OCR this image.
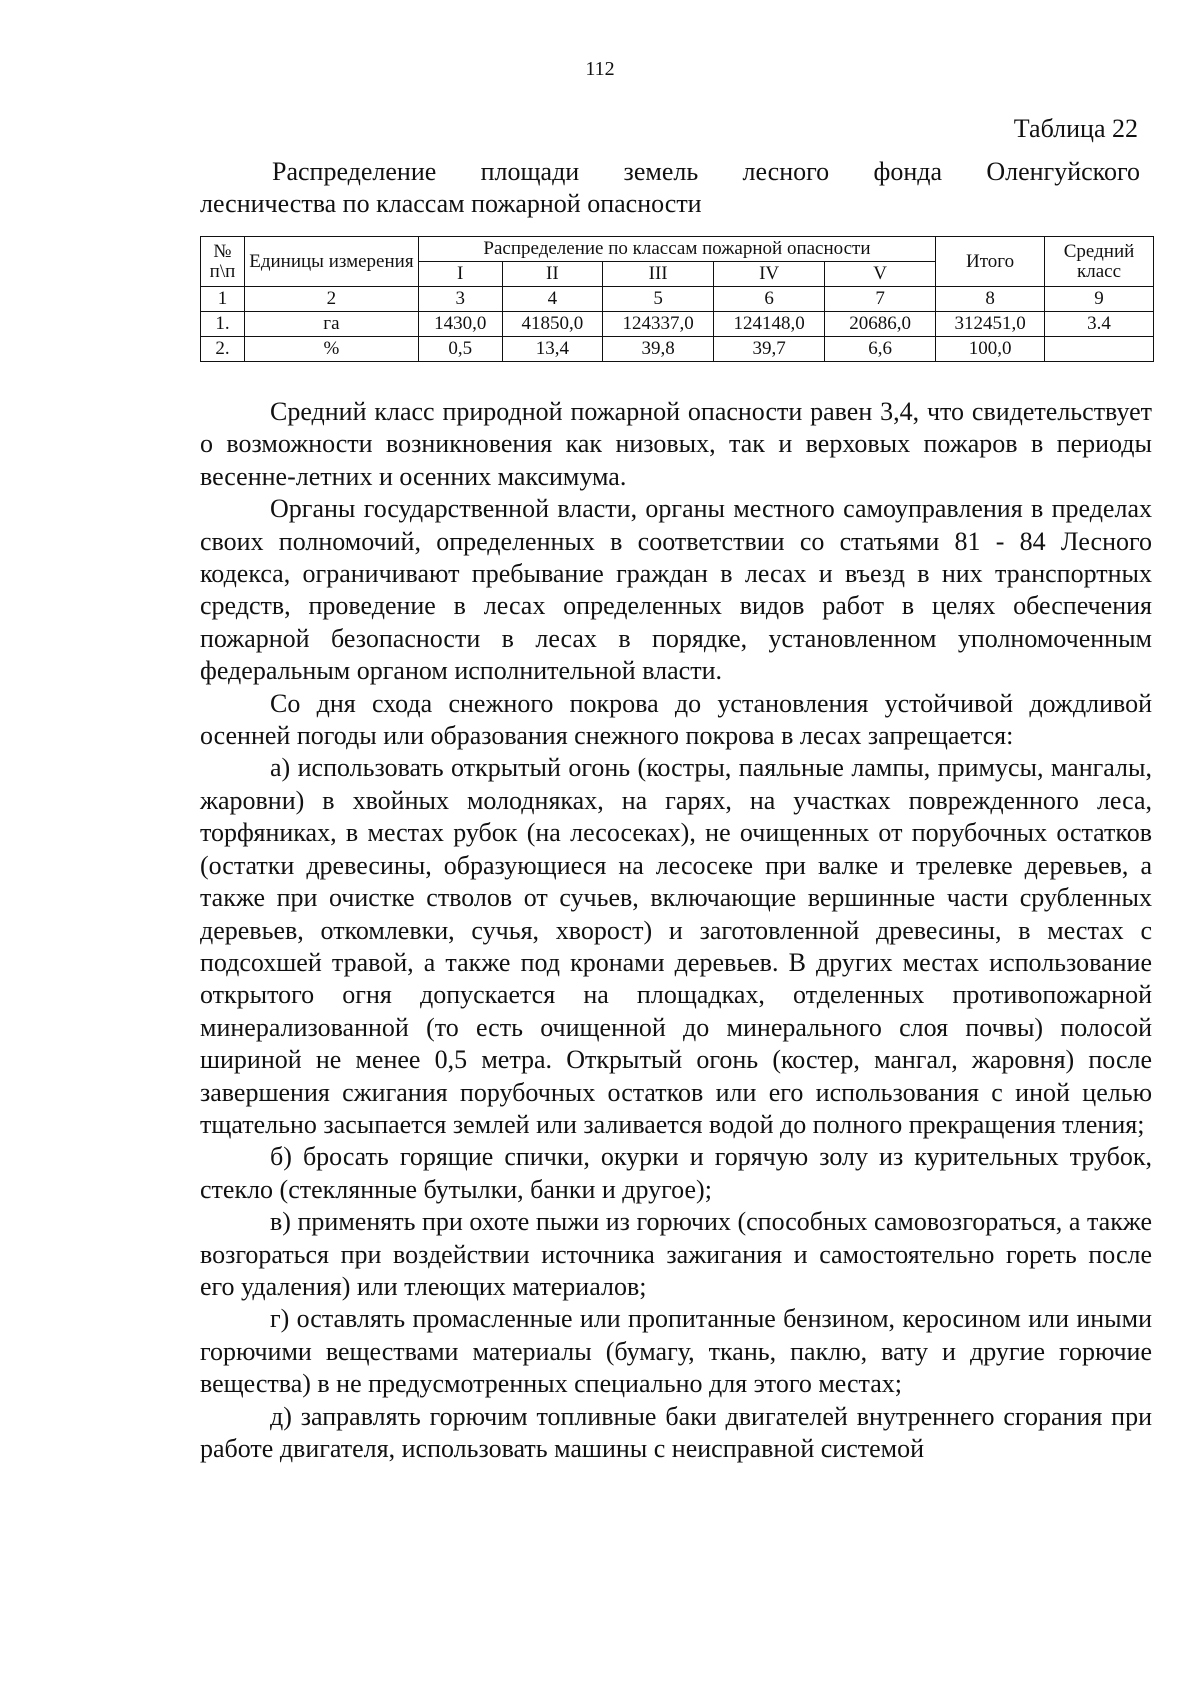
112
Таблица 22
Распределение площади земель лесного фонда Оленгуйского
лесничества по классам пожарной опасности
№ п\п	Единицы измерения	Распределение по классам пожарной опасности					Итого	Средний класс
		I	II	III	IV	V		
1	2	3	4	5	6	7	8	9
1.	га	1430,0	41850,0	124337,0	124148,0	20686,0	312451,0	3.4
2.	%	0,5	13,4	39,8	39,7	6,6	100,0	

Средний класс природной пожарной опасности равен 3,4, что свидетельствует о возможности возникновения как низовых, так и верховых пожаров в периоды весенне-летних и осенних максимума.

Органы государственной власти, органы местного самоуправления в пределах своих полномочий, определенных в соответствии со статьями 81 - 84 Лесного кодекса, ограничивают пребывание граждан в лесах и въезд в них транспортных средств, проведение в лесах определенных видов работ в целях обеспечения пожарной безопасности в лесах в порядке, установленном уполномоченным федеральным органом исполнительной власти.

Со дня схода снежного покрова до установления устойчивой дождливой осенней погоды или образования снежного покрова в лесах запрещается:

а) использовать открытый огонь (костры, паяльные лампы, примусы, мангалы, жаровни) в хвойных молодняках, на гарях, на участках поврежденного леса, торфяниках, в местах рубок (на лесосеках), не очищенных от порубочных остатков (остатки древесины, образующиеся на лесосеке при валке и трелевке деревьев, а также при очистке стволов от сучьев, включающие вершинные части срубленных деревьев, откомлевки, сучья, хворост) и заготовленной древесины, в местах с подсохшей травой, а также под кронами деревьев. В других местах использование открытого огня допускается на площадках, отделенных противопожарной минерализованной (то есть очищенной до минерального слоя почвы) полосой шириной не менее 0,5 метра. Открытый огонь (костер, мангал, жаровня) после завершения сжигания порубочных остатков или его использования с иной целью тщательно засыпается землей или заливается водой до полного прекращения тления;

б) бросать горящие спички, окурки и горячую золу из курительных трубок, стекло (стеклянные бутылки, банки и другое);

в) применять при охоте пыжи из горючих (способных самовозгораться, а также возгораться при воздействии источника зажигания и самостоятельно гореть после его удаления) или тлеющих материалов;

г) оставлять промасленные или пропитанные бензином, керосином или иными горючими веществами материалы (бумагу, ткань, паклю, вату и другие горючие вещества) в не предусмотренных специально для этого местах;

д) заправлять горючим топливные баки двигателей внутреннего сгорания при работе двигателя, использовать машины с неисправной системой
